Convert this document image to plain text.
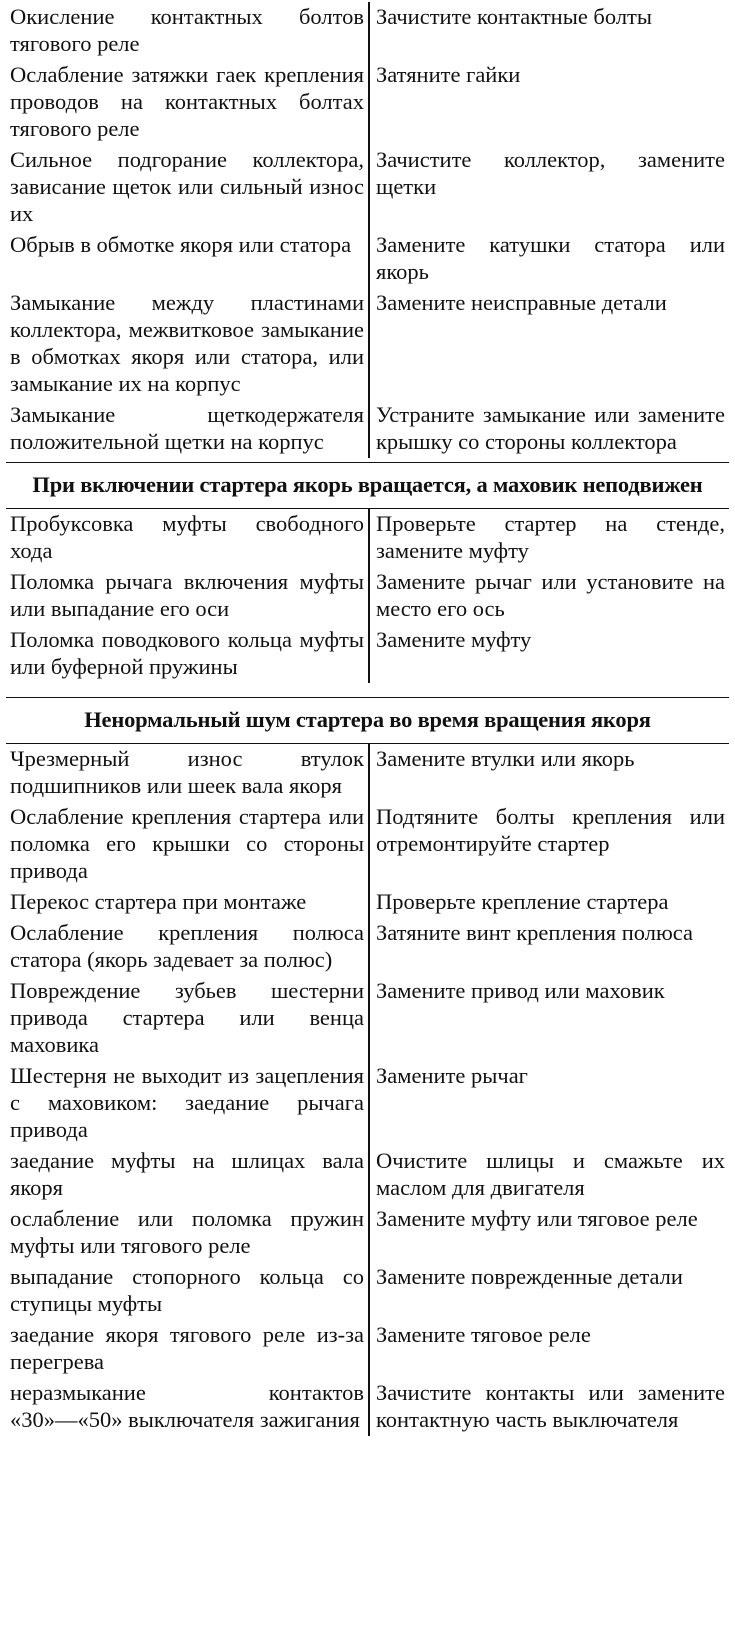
Окисление контактных болтов тягового реле
Зачистите контактные болты
Ослабление затяжки гаек крепления проводов на контактных болтах тягового реле
Затяните гайки
Сильное подгорание коллектора, зависание щеток или сильный износ их
Зачистите коллектор, замените щетки
Обрыв в обмотке якоря или статора	Замените катушки статора или якорь
Замыкание между пластинами коллектора, межвитковое замыкание в обмотках якоря или статора, или замыкание их на корпус
Замените неисправные детали
Замыкание щеткодержателя положительной щетки на корпус
Устраните замыкание или замените крышку со стороны коллектора
При включении стартера якорь вращается, а маховик неподвижен
Пробуксовка муфты свободного хода
Проверьте стартер на стенде, замените муфту
Поломка рычага включения муфты или выпадание его оси
Замените рычаг или установите на место его ось
Поломка поводкового кольца муфты или буферной пружины
Замените муфту
Ненормальный шум стартера во время вращения якоря
Чрезмерный износ втулок подшипников или шеек вала якоря
Замените втулки или якорь
Ослабление крепления стартера или поломка его крышки со стороны привода
Подтяните болты крепления или отремонтируйте стартер
Перекос стартера при монтаже	Проверьте крепление стартера
Ослабление крепления полюса статора (якорь задевает за полюс)
Затяните винт крепления полюса
Повреждение зубьев шестерни привода стартера или венца маховика
Замените привод или маховик
Шестерня не выходит из зацепления с маховиком: заедание рычага привода
Замените рычаг
заедание муфты на шлицах вала якоря
Очистите шлицы и смажьте их маслом для двигателя
ослабление или поломка пружин муфты или тягового реле
Замените муфту или тяговое реле
выпадание стопорного кольца со ступицы муфты
Замените поврежденные детали
заедание якоря тягового реле из-за перегрева
Замените тяговое реле
неразмыкание контактов «30»—«50» выключателя зажигания
Зачистите контакты или замените контактную часть выключателя
